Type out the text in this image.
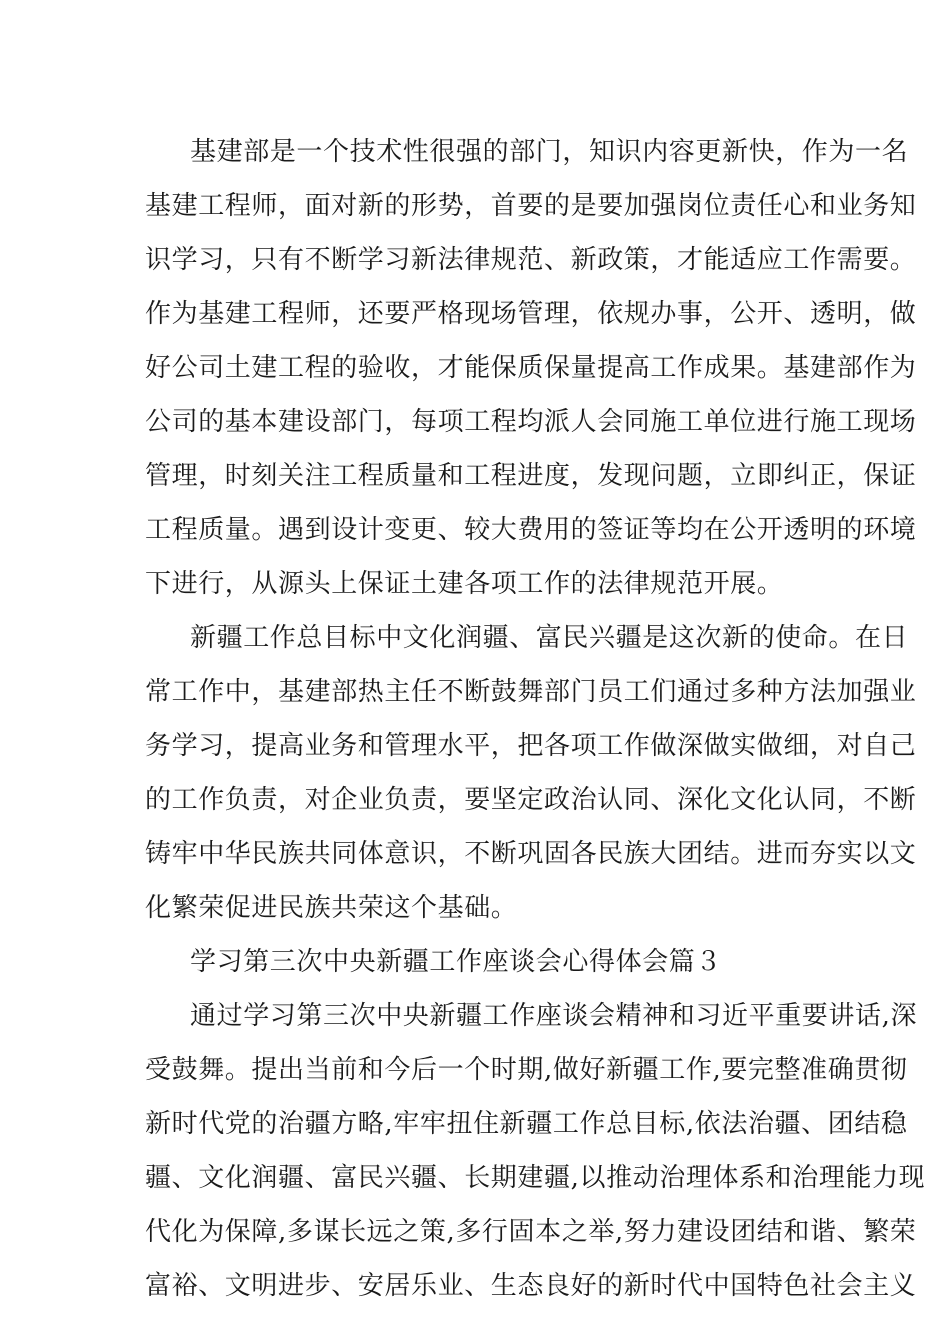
基建部是一个技术性很强的部门，知识内容更新快，作为一名
基建工程师，面对新的形势，首要的是要加强岗位责任心和业务知
识学习，只有不断学习新法律规范、新政策，才能适应工作需要。
作为基建工程师，还要严格现场管理，依规办事，公开、透明，做
好公司土建工程的验收，才能保质保量提高工作成果。基建部作为
公司的基本建设部门，每项工程均派人会同施工单位进行施工现场
管理，时刻关注工程质量和工程进度，发现问题，立即纠正，保证
工程质量。遇到设计变更、较大费用的签证等均在公开透明的环境
下进行，从源头上保证土建各项工作的法律规范开展。
新疆工作总目标中文化润疆、富民兴疆是这次新的使命。在日
常工作中，基建部热主任不断鼓舞部门员工们通过多种方法加强业
务学习，提高业务和管理水平，把各项工作做深做实做细，对自己
的工作负责，对企业负责，要坚定政治认同、深化文化认同，不断
铸牢中华民族共同体意识，不断巩固各民族大团结。进而夯实以文
化繁荣促进民族共荣这个基础。
学习第三次中央新疆工作座谈会心得体会篇３
通过学习第三次中央新疆工作座谈会精神和习近平重要讲话,深
受鼓舞。提出当前和今后一个时期,做好新疆工作,要完整准确贯彻
新时代党的治疆方略,牢牢扭住新疆工作总目标,依法治疆、团结稳
疆、文化润疆、富民兴疆、长期建疆,以推动治理体系和治理能力现
代化为保障,多谋长远之策,多行固本之举,努力建设团结和谐、繁荣
富裕、文明进步、安居乐业、生态良好的新时代中国特色社会主义
